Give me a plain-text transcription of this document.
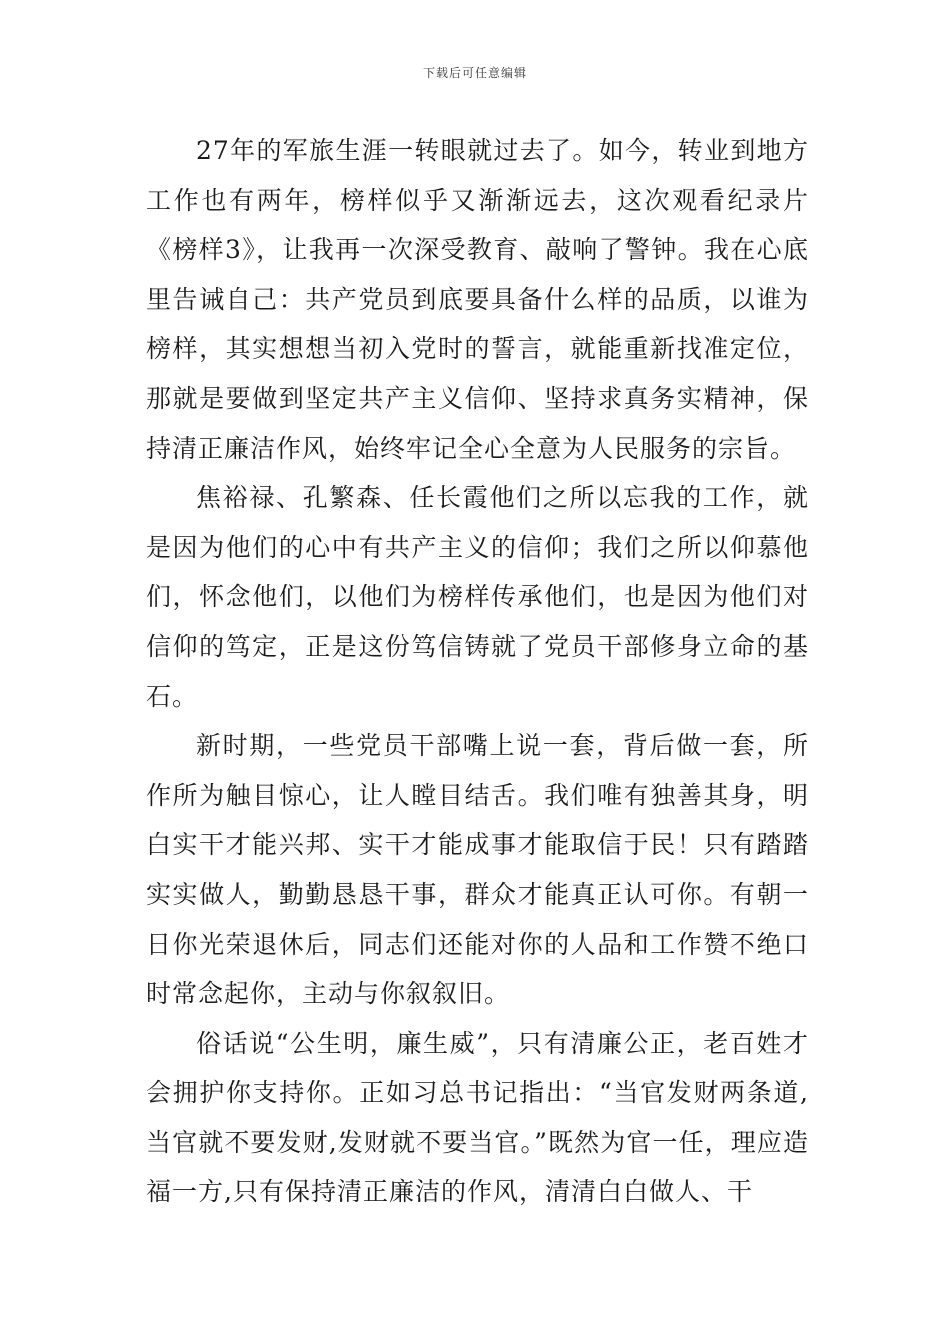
下载后可任意编辑

27年的军旅生涯一转眼就过去了。如今，转业到地方工作也有两年，榜样似乎又渐渐远去，这次观看纪录片《榜样3》，让我再一次深受教育、敲响了警钟。我在心底里告诫自己：共产党员到底要具备什么样的品质，以谁为榜样，其实想想当初入党时的誓言，就能重新找准定位，那就是要做到坚定共产主义信仰、坚持求真务实精神，保持清正廉洁作风，始终牢记全心全意为人民服务的宗旨。

焦裕禄、孔繁森、任长霞他们之所以忘我的工作，就是因为他们的心中有共产主义的信仰；我们之所以仰慕他们，怀念他们，以他们为榜样传承他们，也是因为他们对信仰的笃定，正是这份笃信铸就了党员干部修身立命的基石。

新时期，一些党员干部嘴上说一套，背后做一套，所作所为触目惊心，让人瞠目结舌。我们唯有独善其身，明白实干才能兴邦、实干才能成事才能取信于民！只有踏踏实实做人，勤勤恳恳干事，群众才能真正认可你。有朝一日你光荣退休后，同志们还能对你的人品和工作赞不绝口时常念起你，主动与你叙叙旧。

俗话说“公生明，廉生威”，只有清廉公正，老百姓才会拥护你支持你。正如习总书记指出：“当官发财两条道,当官就不要发财,发财就不要当官。”既然为官一任，理应造福一方,只有保持清正廉洁的作风，清清白白做人、干
